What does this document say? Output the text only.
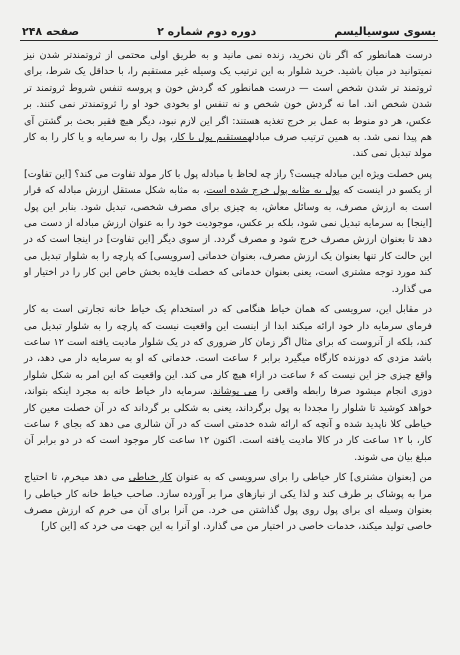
بسوی سوسیالیسم
دوره دوم شماره ۲
صفحه ۲۴۸

درست همانطور که اگر نان نخرید، زنده نمی مانید و به طریق اولی محتمی از ثروتمندتر شدن نیز نمیتوانید در میان باشید. خرید شلوار به این ترتیب یک وسیله غیر مستقیم را، با حداقل یک شرط، برای ثروتمند تر شدن شخص است — درست همانطور که گردش خون و پروسه تنفس شروط ثروتمند تر شدن شخص اند. اما نه گردش خون شخص و نه تنفس او بخودی خود او را ثروتمندتر نمی کنند. بر عکس، هر دو منوط به عمل بر خرج تغذیه هستند: اگر این لازم نبود، دیگر هیچ فقیر بحث بر گشتن آی هم پیدا نمی شد. به همین ترتیب صرف مبادلهمستقیم پول با کار، پول را به سرمایه و یا کار را به کار مولد تبدیل نمی کند.

پس خصلت ویژه این مبادله چیست؟ راز چه لحاظ با مبادله پول با کار مولد تفاوت می کند؟ [این تفاوت] از یکسو در اینست که پول به مثابه پول خرج شده است، به مثابه شکل مستقل ارزش مبادله که قرار است به ارزش مصرف، به وسائل معاش، به چیزی برای مصرف شخصی، تبدیل شود. بنابر این پول [اینجا] به سرمایه تبدیل نمی شود، بلکه بر عکس، موجودیت خود را به عنوان ارزش مبادله از دست می دهد تا بعنوان ارزش مصرف خرج شود و مصرف گردد. از سوی دیگر [این تفاوت] در اینجا است که در این حالت کار تنها بعنوان یک ارزش مصرف، بعنوان خدماتی [سرویسی] که پارچه را به شلوار تبدیل می کند مورد توجه مشتری است، یعنی بعنوان خدماتی که خصلت فایده بخش خاص این کار را در اختیار او می گذارد.

در مقابل این، سرویسی که همان خیاط هنگامی که در استخدام یک خیاط خانه تجارتی است به کار فرمای سرمایه دار خود ارائه میکند ابدا از اینست این واقعیت نیست که پارچه را به شلوار تبدیل می کند، بلکه از آنروست که برای مثال اگر زمان کار ضروری که در یک شلوار مادیت یافته است ۱۲ ساعت باشد مزدی که دوزنده کارگاه میگیرد برابر ۶ ساعت است. خدماتی که او به سرمایه دار می دهد، در واقع چیزی جز این نیست که ۶ ساعت در ازاء هیچ کار می کند. این واقعیت که این امر به شکل شلوار دوزی انجام میشود صرفا رابطه واقعی را می پوشاند. سرمایه دار خیاط خانه به مجرد اینکه بتواند، خواهد کوشید تا شلوار را مجددا به پول برگرداند، یعنی به شکلی بر گرداند که در آن خصلت معین کار خیاطی کلا ناپدید شده و آنچه که ارائه شده خدمتی است که در آن شالری می دهد که بجای ۶ ساعت کار، با ۱۲ ساعت کار در کالا مادیت یافته است. اکنون ۱۲ ساعت کار موجود است که در دو برابر آن مبلغ بیان می شوند.

من [بعنوان مشتری] کار خیاطی را برای سرویسی که به عنوان کار خیاطی می دهد میخرم، تا احتیاج مرا به پوشاک بر طرف کند و لذا یکی از نیازهای مرا بر آورده سازد. صاحب خیاط خانه کار خیاطی را بعنوان وسیله ای برای پول روی پول گذاشتن می خرد. من آنرا برای آن می خرم که ارزش مصرف خاصی تولید میکند، خدمات خاصی در اختیار من می گذارد. او آنرا به این جهت می خرد که [این کار]
